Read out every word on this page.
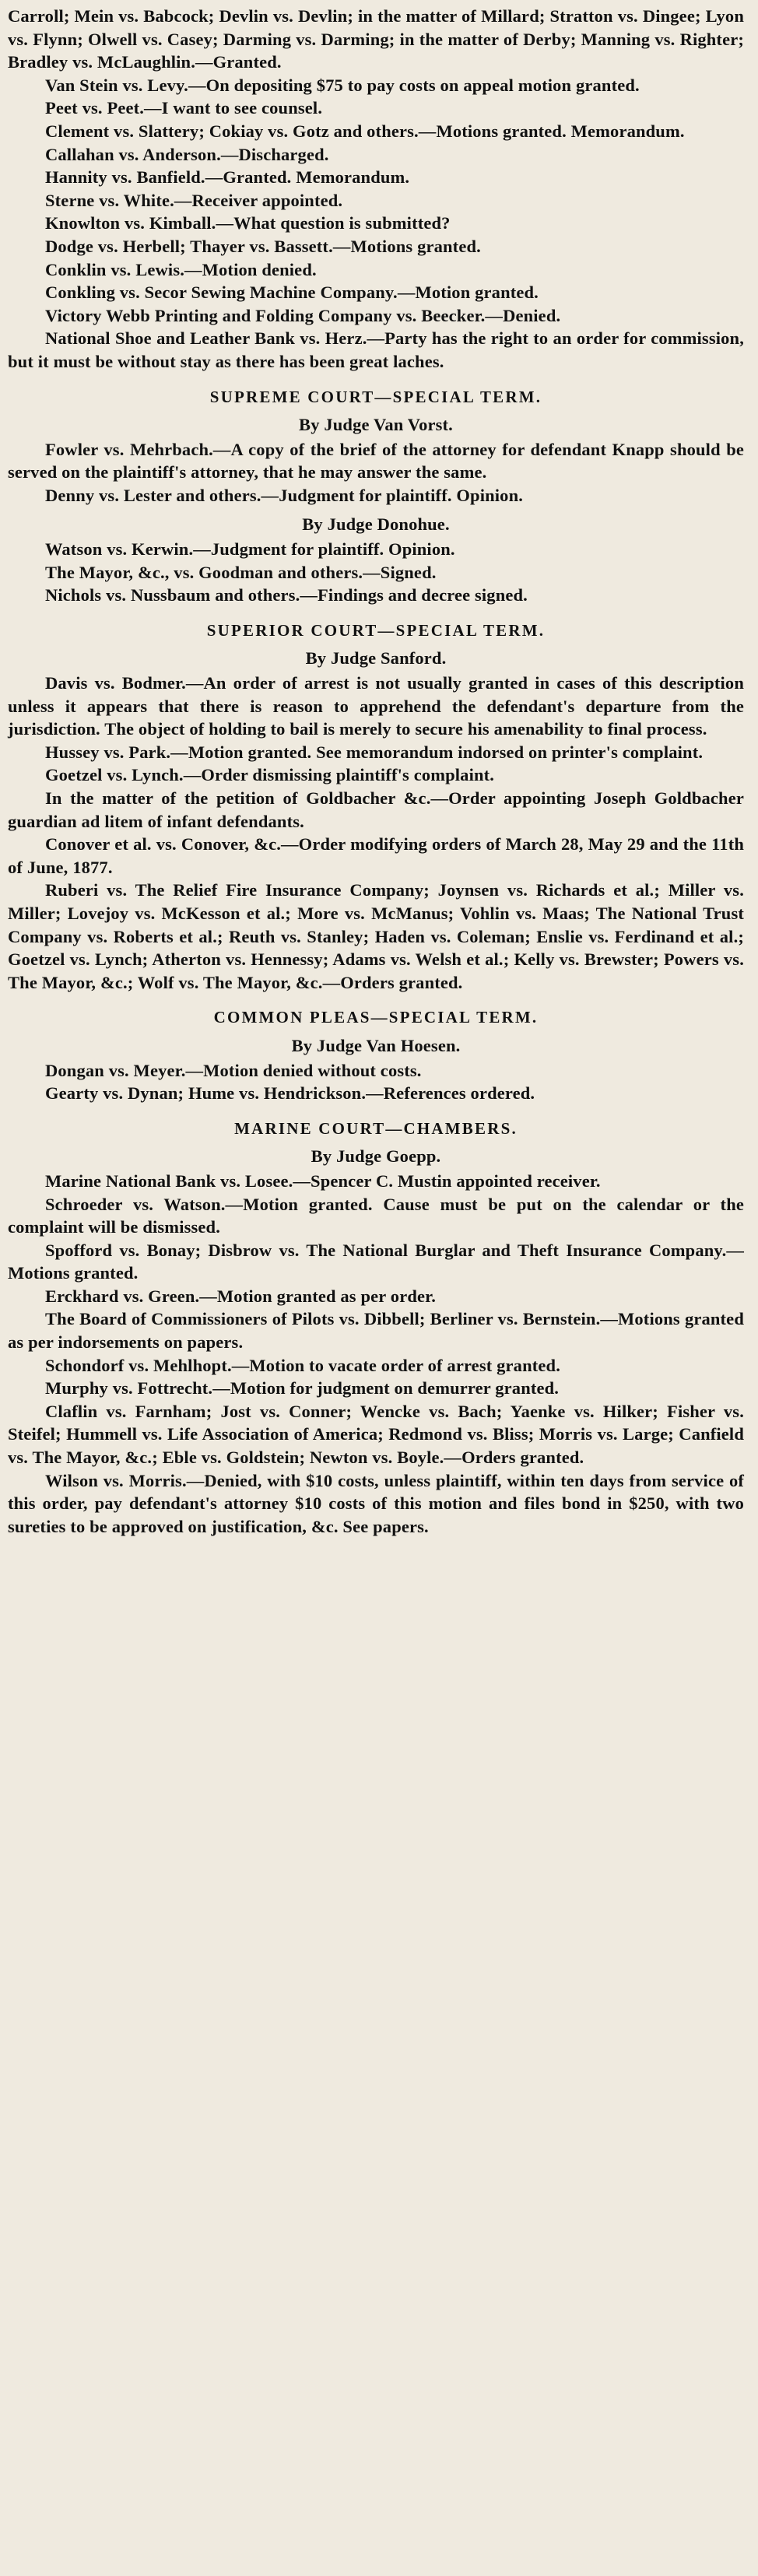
Carroll; Mein vs. Babcock; Devlin vs. Devlin; in the matter of Millard; Stratton vs. Dingee; Lyon vs. Flynn; Olwell vs. Casey; Darming vs. Darming; in the matter of Derby; Manning vs. Righter; Bradley vs. McLaughlin.—Granted.

Van Stein vs. Levy.—On depositing $75 to pay costs on appeal motion granted.

Peet vs. Peet.—I want to see counsel.

Clement vs. Slattery; Cokiay vs. Gotz and others.—Motions granted. Memorandum.

Callahan vs. Anderson.—Discharged.

Hannity vs. Banfield.—Granted. Memorandum.

Sterne vs. White.—Receiver appointed.

Knowlton vs. Kimball.—What question is submitted?

Dodge vs. Herbell; Thayer vs. Bassett.—Motions granted.

Conklin vs. Lewis.—Motion denied.

Conkling vs. Secor Sewing Machine Company.—Motion granted.

Victory Webb Printing and Folding Company vs. Beecker.—Denied.

National Shoe and Leather Bank vs. Herz.—Party has the right to an order for commission, but it must be without stay as there has been great laches.

SUPREME COURT—SPECIAL TERM.
By Judge Van Vorst.

Fowler vs. Mehrbach.—A copy of the brief of the attorney for defendant Knapp should be served on the plaintiff's attorney, that he may answer the same.

Denny vs. Lester and others.—Judgment for plaintiff. Opinion.

By Judge Donohue.

Watson vs. Kerwin.—Judgment for plaintiff. Opinion.

The Mayor, &c., vs. Goodman and others.—Signed.

Nichols vs. Nussbaum and others.—Findings and decree signed.

SUPERIOR COURT—SPECIAL TERM.
By Judge Sanford.

Davis vs. Bodmer.—An order of arrest is not usually granted in cases of this description unless it appears that there is reason to apprehend the defendant's departure from the jurisdiction. The object of holding to bail is merely to secure his amenability to final process.

Hussey vs. Park.—Motion granted. See memorandum indorsed on printer's complaint.

Goetzel vs. Lynch.—Order dismissing plaintiff's complaint.

In the matter of the petition of Goldbacher &c.—Order appointing Joseph Goldbacher guardian ad litem of infant defendants.

Conover et al. vs. Conover, &c.—Order modifying orders of March 28, May 29 and the 11th of June, 1877.

Ruberi vs. The Relief Fire Insurance Company; Joynsen vs. Richards et al.; Miller vs. Miller; Lovejoy vs. McKesson et al.; More vs. McManus; Vohlin vs. Maas; The National Trust Company vs. Roberts et al.; Reuth vs. Stanley; Haden vs. Coleman; Enslie vs. Ferdinand et al.; Goetzel vs. Lynch; Atherton vs. Hennessy; Adams vs. Welsh et al.; Kelly vs. Brewster; Powers vs. The Mayor, &c.; Wolf vs. The Mayor, &c.—Orders granted.

COMMON PLEAS—SPECIAL TERM.
By Judge Van Hoesen.

Dongan vs. Meyer.—Motion denied without costs.

Gearty vs. Dynan; Hume vs. Hendrickson.—References ordered.

MARINE COURT—CHAMBERS.
By Judge Goepp.

Marine National Bank vs. Losee.—Spencer C. Mustin appointed receiver.

Schroeder vs. Watson.—Motion granted. Cause must be put on the calendar or the complaint will be dismissed.

Spofford vs. Bonay; Disbrow vs. The National Burglar and Theft Insurance Company.—Motions granted.

Erckhard vs. Green.—Motion granted as per order.

The Board of Commissioners of Pilots vs. Dibbell; Berliner vs. Bernstein.—Motions granted as per indorsements on papers.

Schondorf vs. Mehlhopt.—Motion to vacate order of arrest granted.

Murphy vs. Fottrecht.—Motion for judgment on demurrer granted.

Claflin vs. Farnham; Jost vs. Conner; Wencke vs. Bach; Yaenke vs. Hilker; Fisher vs. Steifel; Hummell vs. Life Association of America; Redmond vs. Bliss; Morris vs. Large; Canfield vs. The Mayor, &c.; Eble vs. Goldstein; Newton vs. Boyle.—Orders granted.

Wilson vs. Morris.—Denied, with $10 costs, unless plaintiff, within ten days from service of this order, pay defendant's attorney $10 costs of this motion and files bond in $250, with two sureties to be approved on justification, &c. See papers.
